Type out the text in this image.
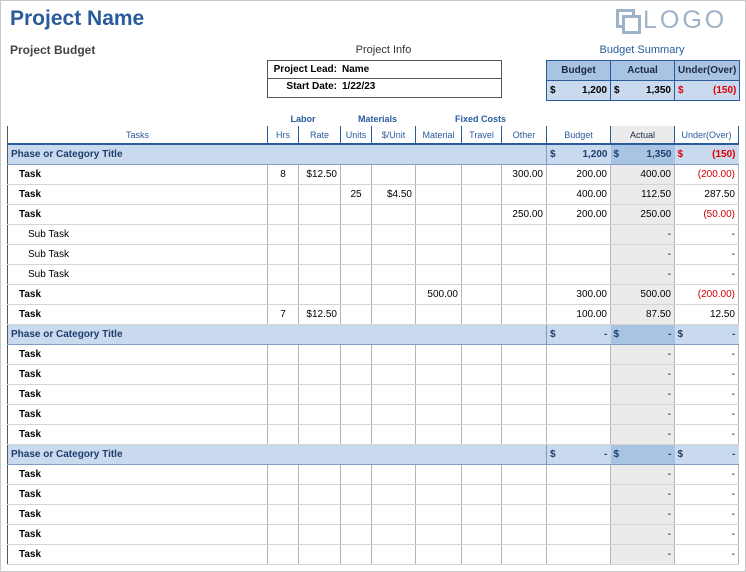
Project Name	LOGO
Project Budget	Project Info
Project Lead: Name
Start Date: 1/22/23
Budget Summary
Budget	Actual	Under(Over)

$ 1,200	$ 1,350	$ (150)
Labor	Materials	Fixed Costs
Tasks	Hrs	Rate	Units	$/Unit	Material	Travel	Other	Budget	Actual	Under(Over)
Phase or Category Title								$ 1,200	$ 1,350	$ (150)

Task	8	$12.50					300.00	200.00	400.00	(200.00)
Task			25	$4.50				400.00	112.50	287.50
Task							250.00	200.00	250.00	(50.00)
Sub Task									-	-
Sub Task									-	-
Sub Task									-	-
Task					500.00			300.00	500.00	(200.00)
Task	7	$12.50						100.00	87.50	12.50
Phase or Category Title								$ -	$ -	$ -

Task									-	-
Task									-	-
Task									-	-
Task									-	-
Task									-	-
Phase or Category Title								$ -	$ -	$ -

Task									-	-
Task									-	-
Task									-	-
Task									-	-
Task									-	-
